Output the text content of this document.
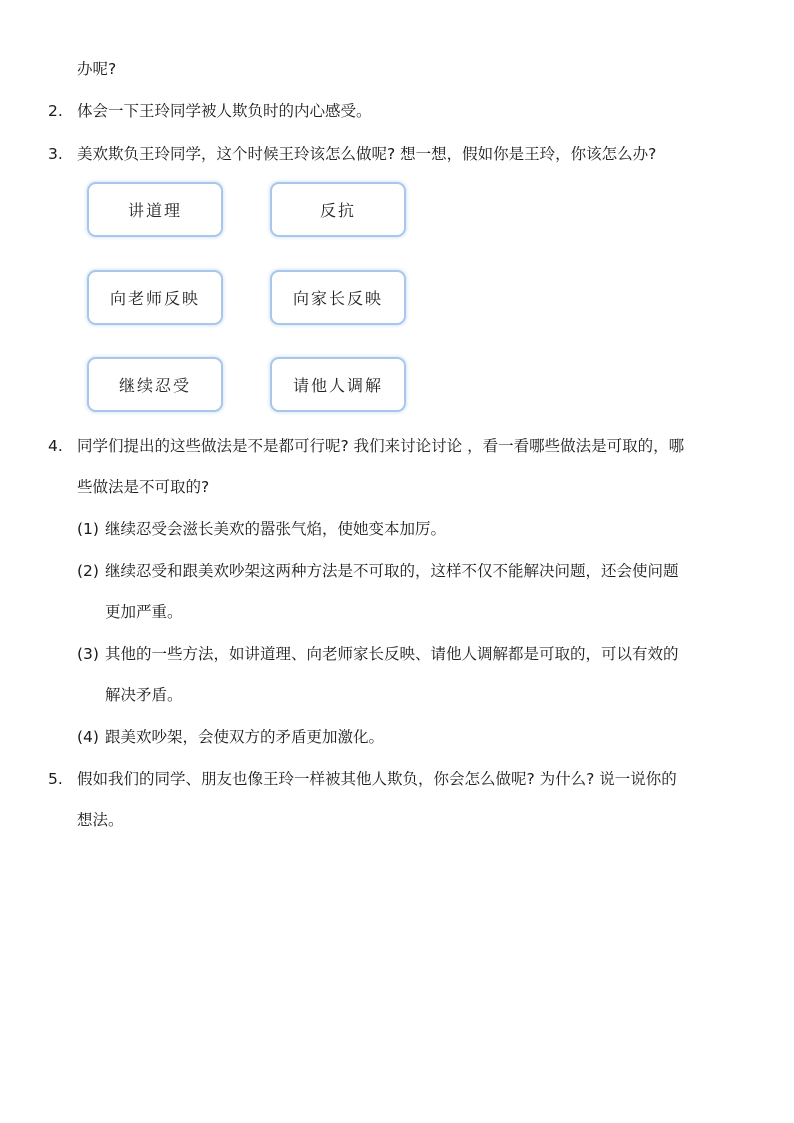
办呢?
2. 体会一下王玲同学被人欺负时的内心感受。
3. 美欢欺负王玲同学，这个时候王玲该怎么做呢? 想一想，假如你是王玲，你该怎么办?
讲道理	反抗
向老师反映	向家长反映
继续忍受	请他人调解
4. 同学们提出的这些做法是不是都可行呢? 我们来讨论讨论 ，看一看哪些做法是可取的，哪
些做法是不可取的?
(1) 继续忍受会滋长美欢的嚣张气焰，使她变本加厉。
(2) 继续忍受和跟美欢吵架这两种方法是不可取的，这样不仅不能解决问题，还会使问题
更加严重。
(3) 其他的一些方法，如讲道理、向老师家长反映、请他人调解都是可取的，可以有效的
解决矛盾。
(4) 跟美欢吵架，会使双方的矛盾更加激化。
5. 假如我们的同学、朋友也像王玲一样被其他人欺负，你会怎么做呢? 为什么? 说一说你的
想法。
